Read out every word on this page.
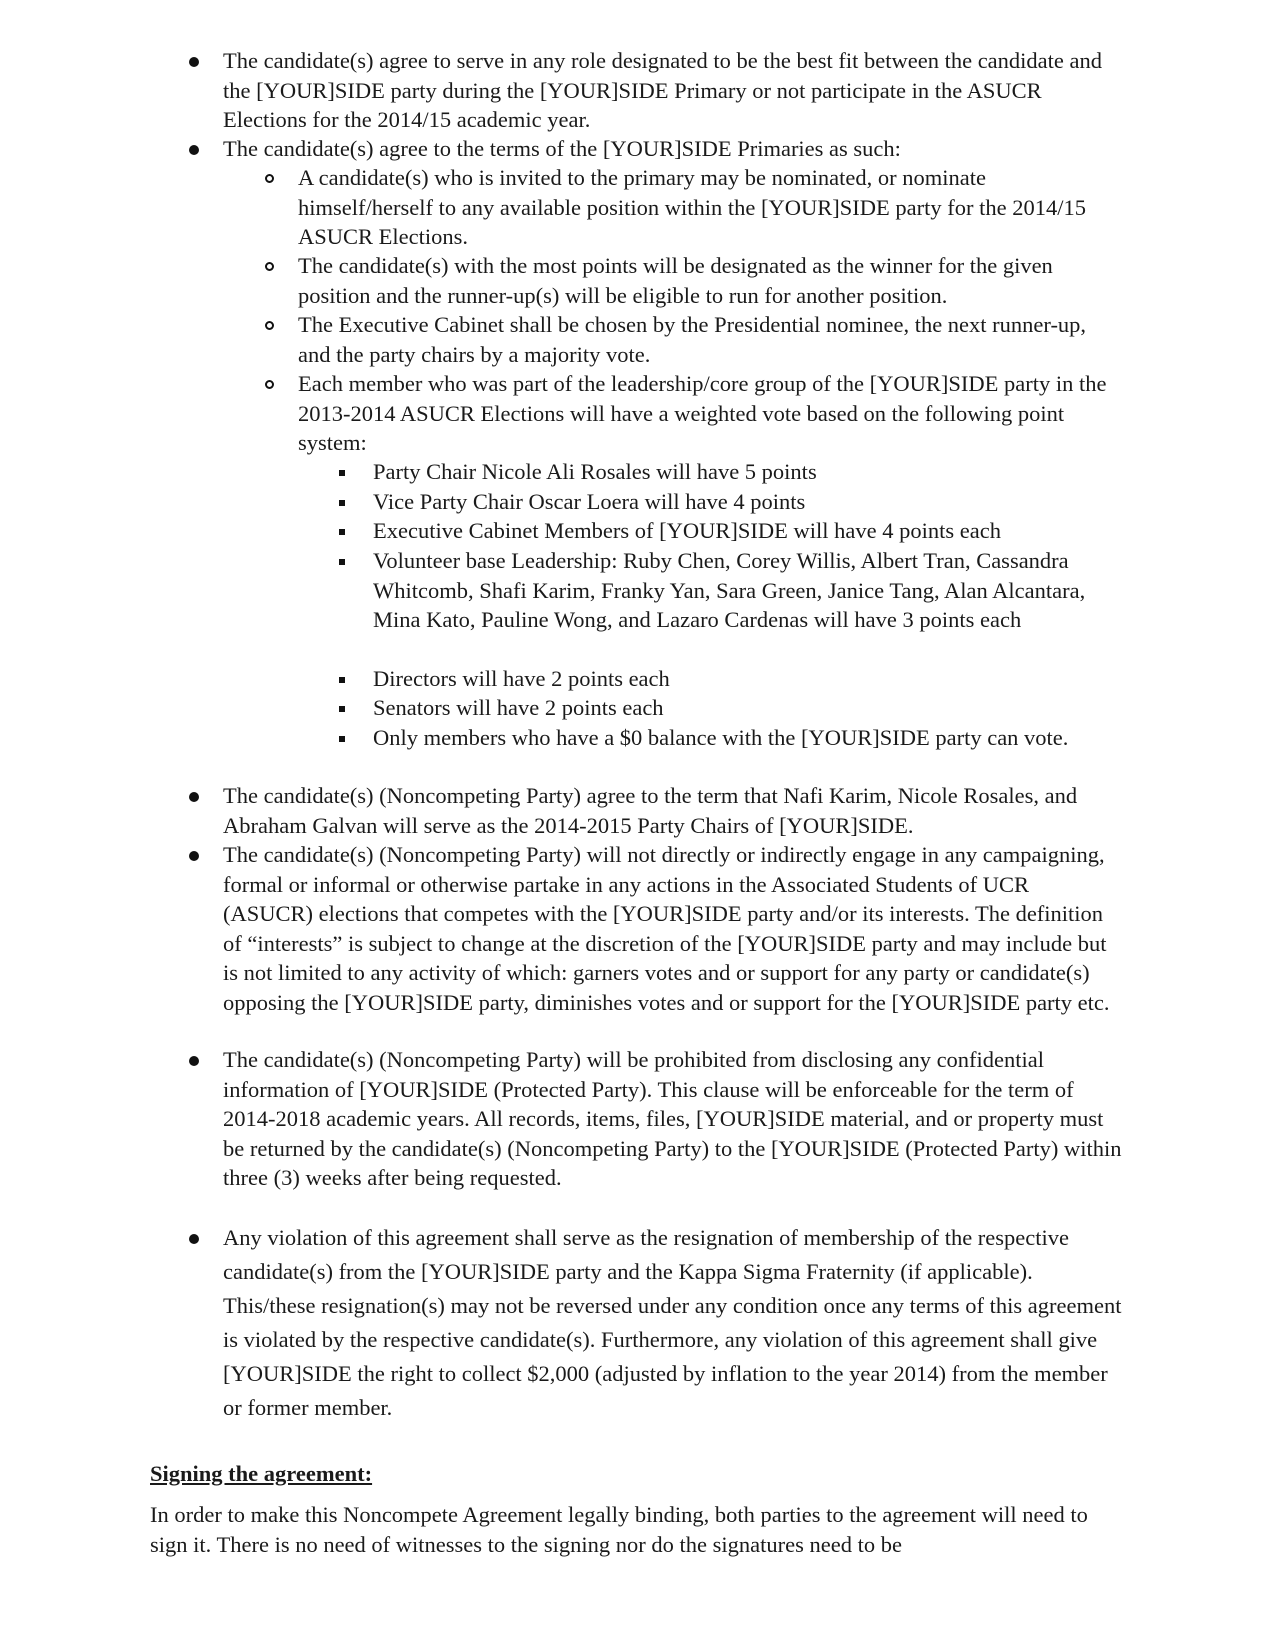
The candidate(s) agree to serve in any role designated to be the best fit between the candidate and the [YOUR]SIDE party during the [YOUR]SIDE Primary or not participate in the ASUCR Elections for the 2014/15 academic year.
The candidate(s) agree to the terms of the [YOUR]SIDE Primaries as such:
A candidate(s) who is invited to the primary may be nominated, or nominate himself/herself to any available position within the [YOUR]SIDE party for the 2014/15 ASUCR Elections.
The candidate(s) with the most points will be designated as the winner for the given position and the runner-up(s) will be eligible to run for another position.
The Executive Cabinet shall be chosen by the Presidential nominee, the next runner-up, and the party chairs by a majority vote.
Each member who was part of the leadership/core group of the [YOUR]SIDE party in the 2013-2014 ASUCR Elections will have a weighted vote based on the following point system:
Party Chair Nicole Ali Rosales will have 5 points
Vice Party Chair Oscar Loera will have 4 points
Executive Cabinet Members of [YOUR]SIDE will have 4 points each
Volunteer base Leadership: Ruby Chen, Corey Willis, Albert Tran, Cassandra Whitcomb, Shafi Karim, Franky Yan, Sara Green, Janice Tang, Alan Alcantara, Mina Kato, Pauline Wong, and Lazaro Cardenas will have 3 points each
Directors will have 2 points each
Senators will have 2 points each
Only members who have a $0 balance with the [YOUR]SIDE party can vote.
The candidate(s) (Noncompeting Party) agree to the term that Nafi Karim, Nicole Rosales, and Abraham Galvan will serve as the 2014-2015 Party Chairs of [YOUR]SIDE.
The candidate(s) (Noncompeting Party) will not directly or indirectly engage in any campaigning, formal or informal or otherwise partake in any actions in the Associated Students of UCR (ASUCR) elections that competes with the [YOUR]SIDE party and/or its interests. The definition of “interests” is subject to change at the discretion of the [YOUR]SIDE party and may include but is not limited to any activity of which: garners votes and or support for any party or candidate(s) opposing the [YOUR]SIDE party, diminishes votes and or support for the [YOUR]SIDE party etc.
The candidate(s) (Noncompeting Party) will be prohibited from disclosing any confidential information of [YOUR]SIDE (Protected Party). This clause will be enforceable for the term of 2014-2018 academic years. All records, items, files, [YOUR]SIDE material, and or property must be returned by the candidate(s) (Noncompeting Party) to the [YOUR]SIDE (Protected Party) within three (3) weeks after being requested.
Any violation of this agreement shall serve as the resignation of membership of the respective candidate(s) from the [YOUR]SIDE party and the Kappa Sigma Fraternity (if applicable). This/these resignation(s) may not be reversed under any condition once any terms of this agreement is violated by the respective candidate(s). Furthermore, any violation of this agreement shall give [YOUR]SIDE the right to collect $2,000 (adjusted by inflation to the year 2014) from the member or former member.
Signing the agreement:
In order to make this Noncompete Agreement legally binding, both parties to the agreement will need to sign it. There is no need of witnesses to the signing nor do the signatures need to be
